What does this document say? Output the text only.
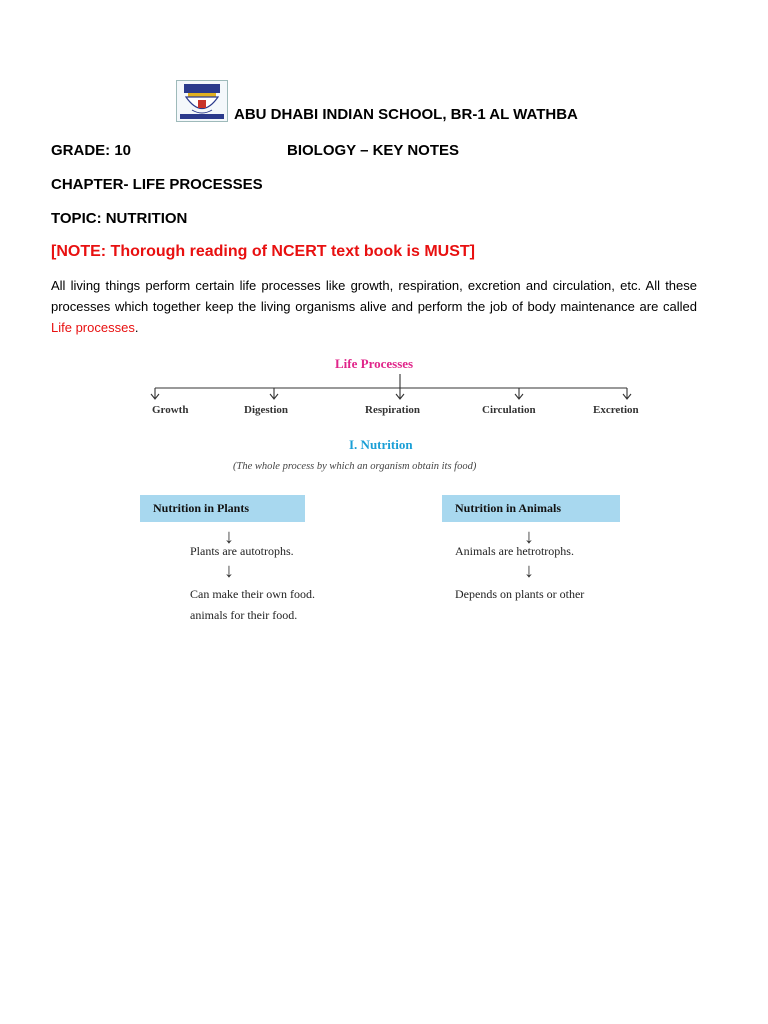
ABU DHABI INDIAN SCHOOL, BR-1 AL WATHBA
GRADE: 10	BIOLOGY – KEY NOTES
CHAPTER- LIFE PROCESSES
TOPIC: NUTRITION
[NOTE: Thorough reading of NCERT text book is MUST]
All living things perform certain life processes like growth, respiration, excretion and circulation, etc. All these processes which together keep the living organisms alive and perform the job of body maintenance are called Life processes.
Life Processes
Growth	Digestion	Respiration	Circulation	Excretion
I. Nutrition
(The whole process by which an organism obtain its food)
Nutrition in Plants
↓
Plants are autotrophs.
↓
Can make their own food.
animals for their food.
Nutrition in Animals
↓
Animals are hetrotrophs.
↓
Depends on plants or other
